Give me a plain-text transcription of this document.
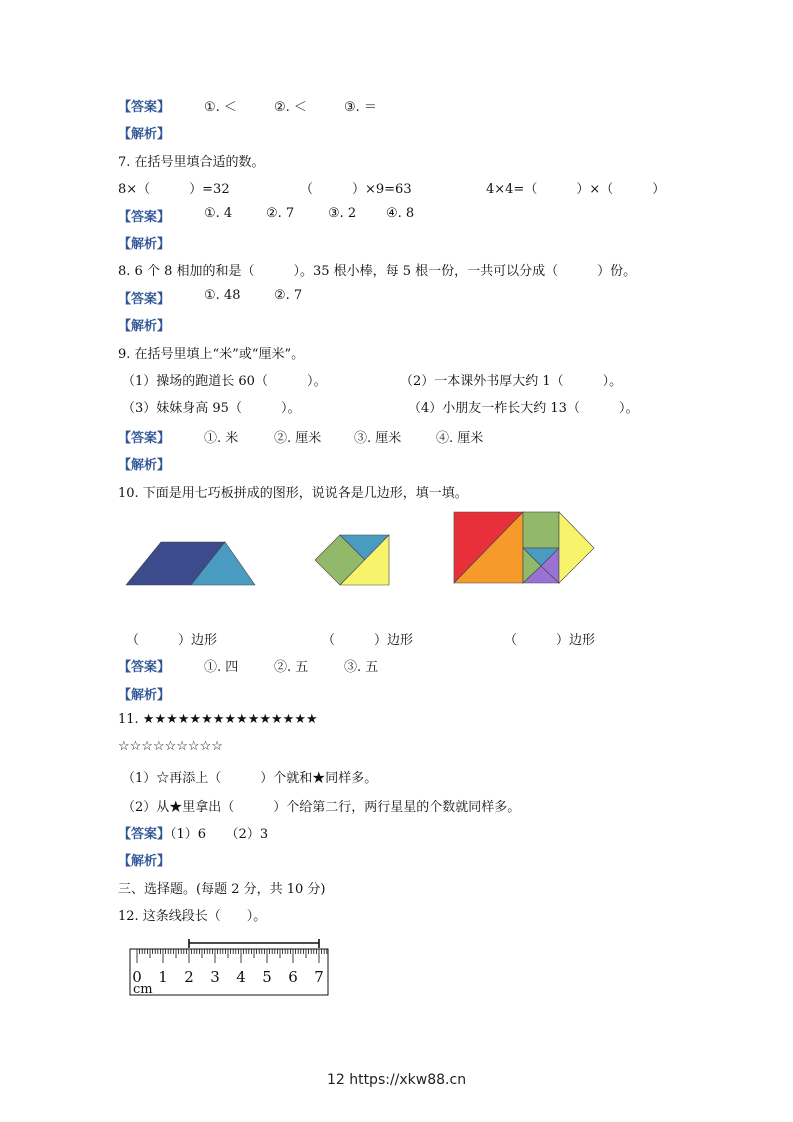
【答案】	①. ＜	②. ＜	③. ＝
【解析】
7. 在括号里填合适的数。
8×（　　　）=32	（　　　）×9=63	4×4=（　　　）×（　　　）
【答案】	①. 4	②. 7	③. 2 ④. 8
【解析】
8. 6 个 8 相加的和是（　　　）。35 根小棒，每 5 根一份，一共可以分成（　　　）份。
【答案】	①. 48	②. 7
【解析】
9. 在括号里填上“米”或“厘米”。
（1）操场的跑道长 60（　　　）。	（2）一本课外书厚大约 1（　　　）。
（3）妹妹身高 95（　　　）。	（4）小朋友一柞长大约 13（　　　）。
【答案】	①. 米	②. 厘米	③. 厘米	④. 厘米
【解析】
10. 下面是用七巧板拼成的图形，说说各是几边形，填一填。
（　　　）边形	（　　　）边形	（　　　）边形
【答案】	①. 四	②. 五	③. 五
【解析】
11. ★★★★★★★★★★★★★★★
☆☆☆☆☆☆☆☆☆
（1）☆再添上（　　　）个就和★同样多。
（2）从★里拿出（　　　）个给第二行，两行星星的个数就同样多。
【答案】（1）6　　（2）3
【解析】
三、选择题。(每题 2 分，共 10 分)
12. 这条线段长（　　）。
0 1 2 3 4 5 6 7
cm
12 https://xkw88.cn
